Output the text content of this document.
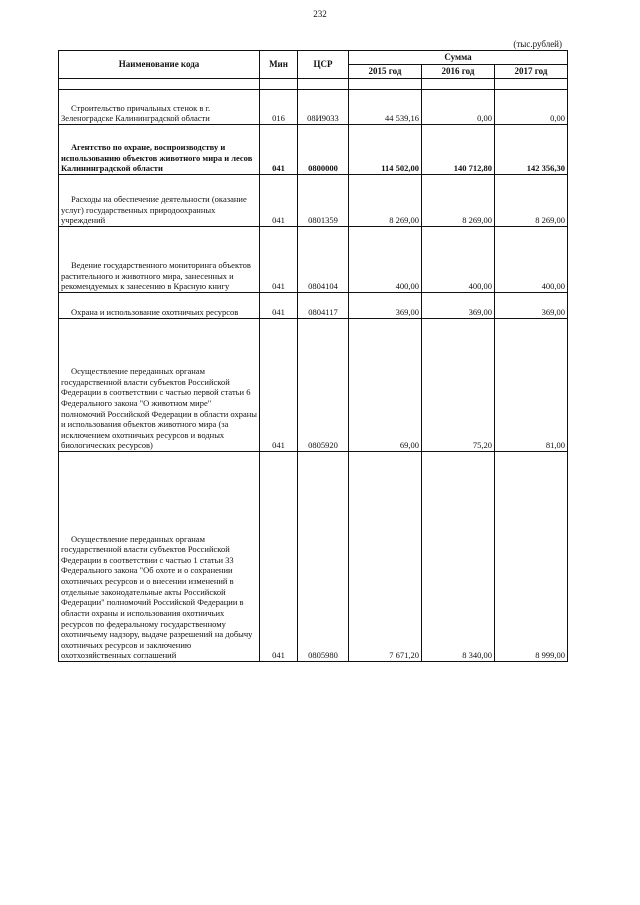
232
(тыс.рублей)
Наименование кода	Мин	ЦСР	Сумма		
			2015 год	2016 год	2017 год

Строительство причальных стенок в г. Зеленоградске Калининградской области	016	08И9033	44 539,16	0,00	0,00
Агентство по охране, воспроизводству и использованию объектов животного мира и лесов Калининградской области	041	0800000	114 502,00	140 712,80	142 356,30
Расходы на обеспечение деятельности (оказание услуг) государственных природоохранных учреждений	041	0801359	8 269,00	8 269,00	8 269,00
Ведение государственного мониторинга объектов растительного и животного мира, занесенных и рекомендуемых к занесению в Красную книгу	041	0804104	400,00	400,00	400,00
Охрана и использование охотничьих ресурсов	041	0804117	369,00	369,00	369,00
Осуществление переданных органам государственной власти субъектов Российской Федерации в соответствии с частью первой статьи 6 Федерального закона "О животном мире" полномочий Российской Федерации в области охраны и использования объектов животного мира (за исключением охотничьих ресурсов и водных биологических ресурсов)	041	0805920	69,00	75,20	81,00
Осуществление переданных органам государственной власти субъектов Российской Федерации в соответствии с частью 1 статьи 33 Федерального закона "Об охоте и о сохранении охотничьих ресурсов и о внесении изменений в отдельные законодательные акты Российской Федерации" полномочий Российской Федерации в области охраны и использования охотничьих ресурсов по федеральному государственному охотничьему надзору, выдаче разрешений на добычу охотничьих ресурсов и заключению охотхозяйственных соглашений	041	0805980	7 671,20	8 340,00	8 999,00
